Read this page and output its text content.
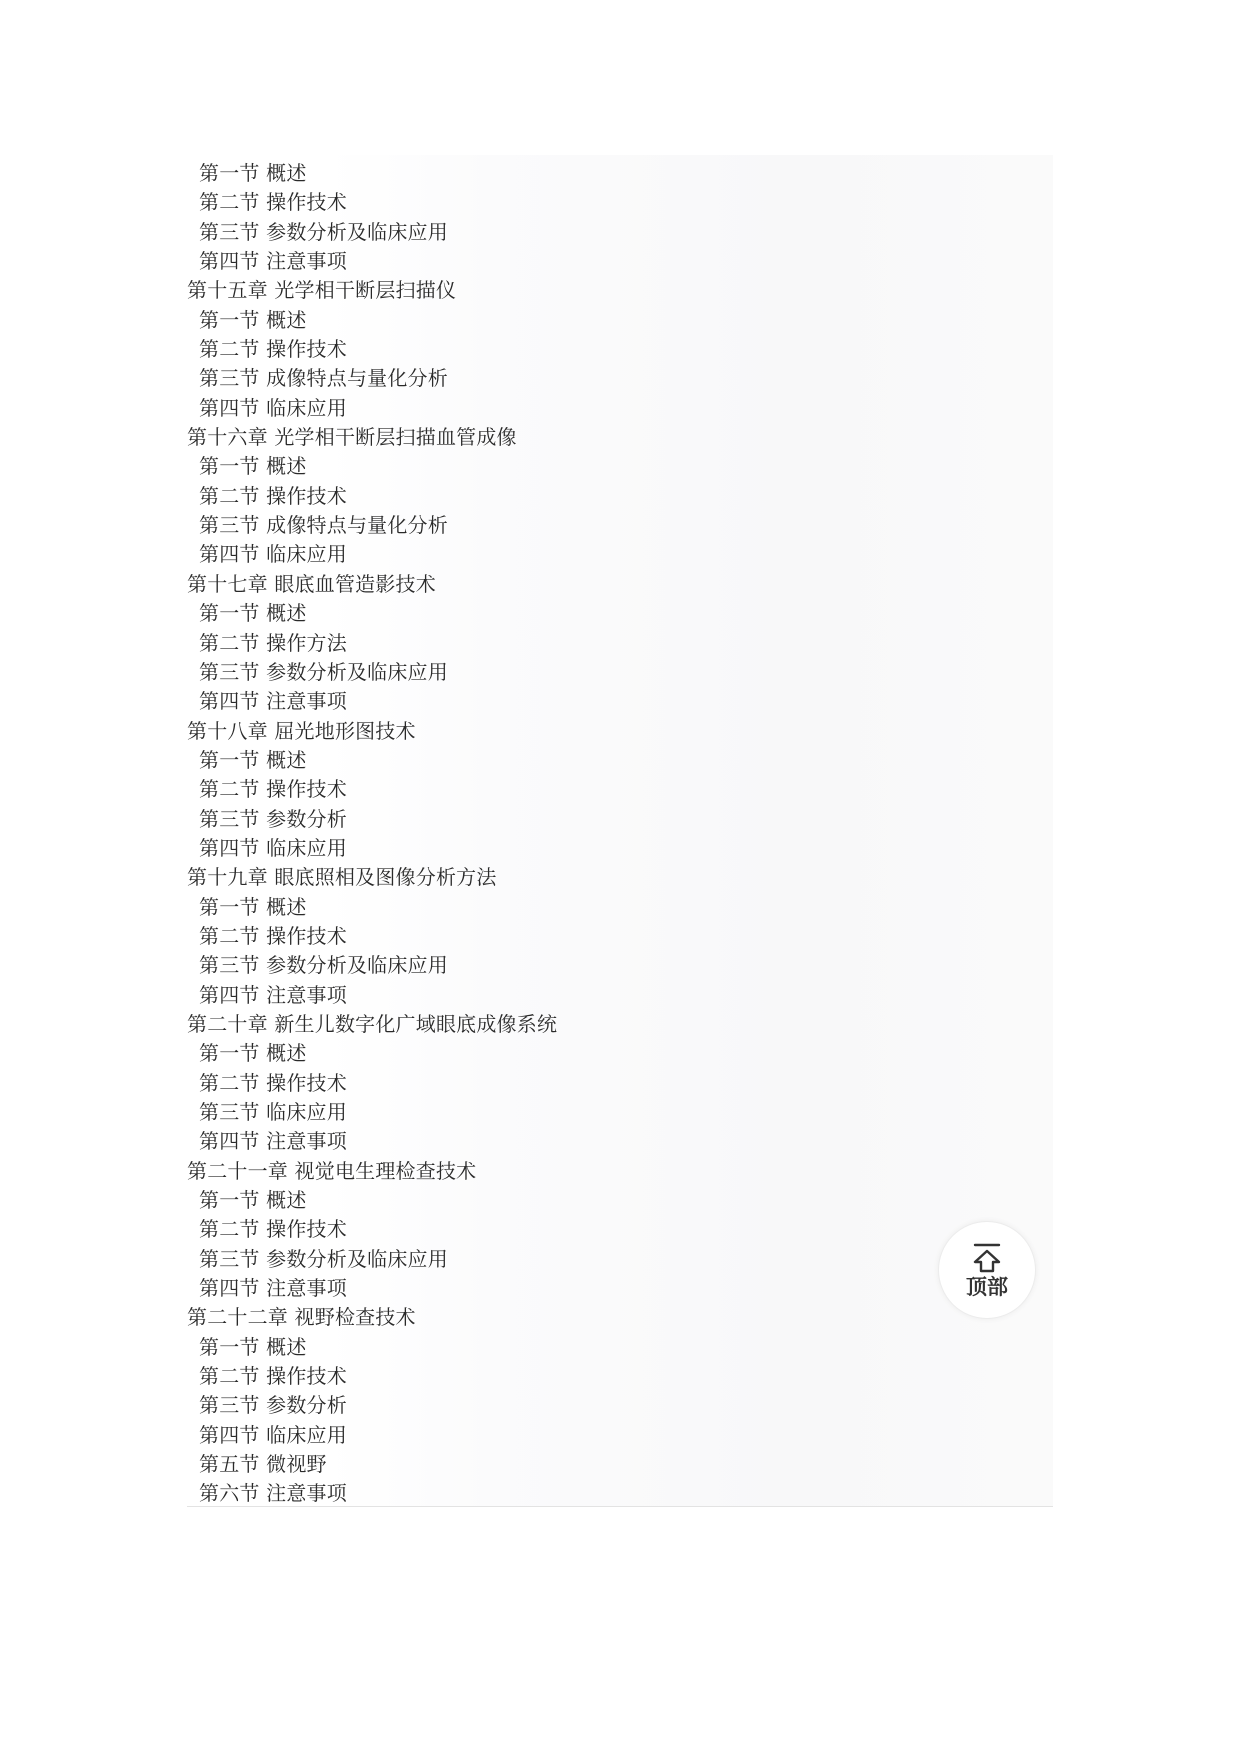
第一节 概述
第二节 操作技术
第三节 参数分析及临床应用
第四节 注意事项
第十五章 光学相干断层扫描仪
第一节 概述
第二节 操作技术
第三节 成像特点与量化分析
第四节 临床应用
第十六章 光学相干断层扫描血管成像
第一节 概述
第二节 操作技术
第三节 成像特点与量化分析
第四节 临床应用
第十七章 眼底血管造影技术
第一节 概述
第二节 操作方法
第三节 参数分析及临床应用
第四节 注意事项
第十八章 屈光地形图技术
第一节 概述
第二节 操作技术
第三节 参数分析
第四节 临床应用
第十九章 眼底照相及图像分析方法
第一节 概述
第二节 操作技术
第三节 参数分析及临床应用
第四节 注意事项
第二十章 新生儿数字化广域眼底成像系统
第一节 概述
第二节 操作技术
第三节 临床应用
第四节 注意事项
第二十一章 视觉电生理检查技术
第一节 概述
第二节 操作技术
第三节 参数分析及临床应用
第四节 注意事项
第二十二章 视野检查技术
第一节 概述
第二节 操作技术
第三节 参数分析
第四节 临床应用
第五节 微视野
第六节 注意事项
顶部
